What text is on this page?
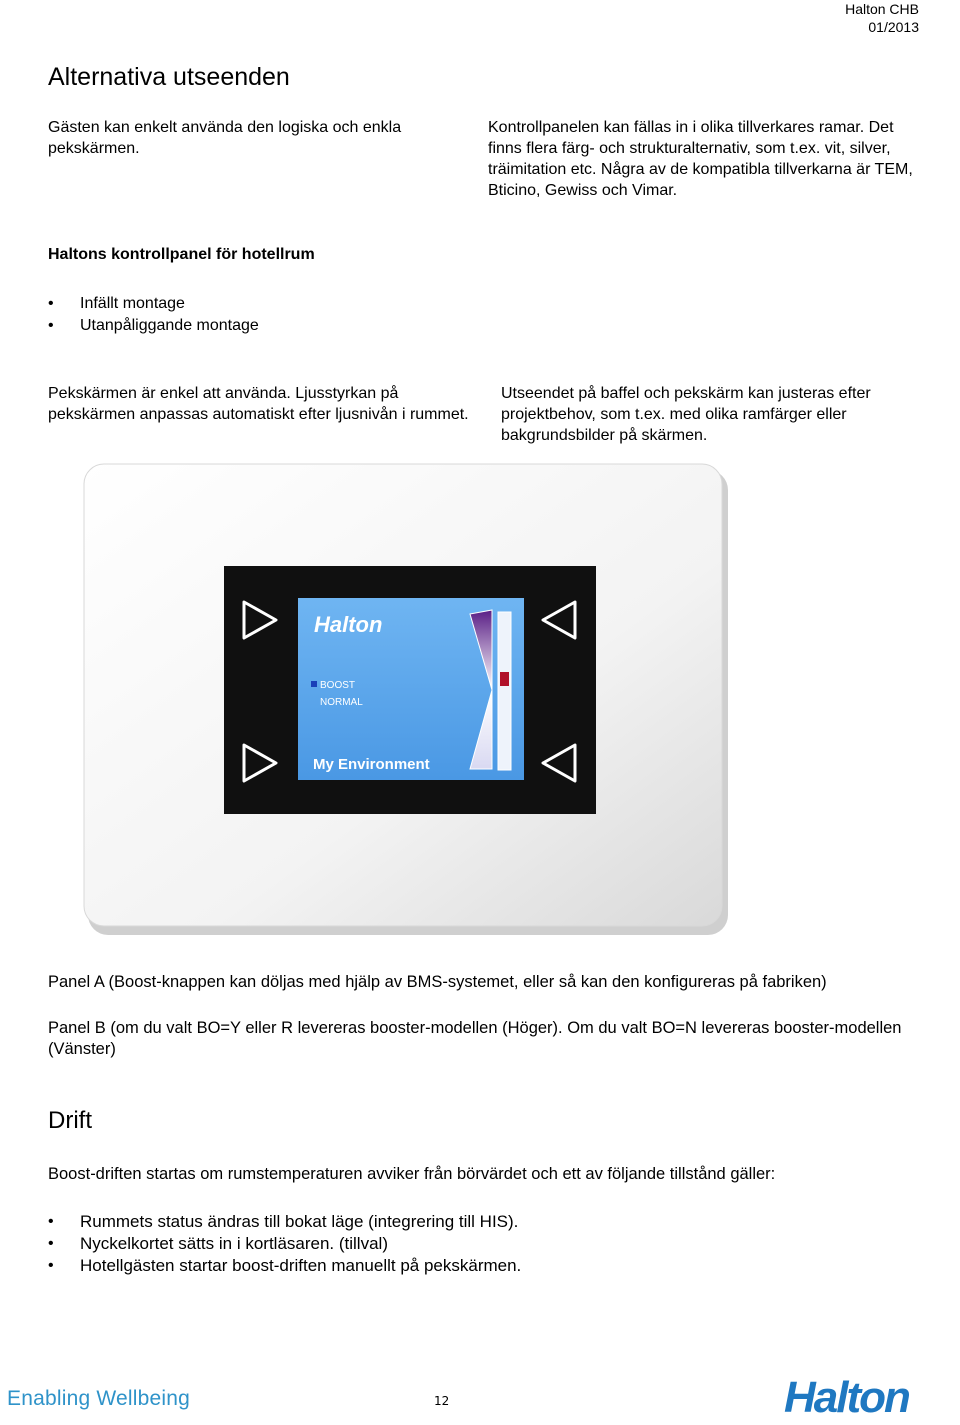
Halton CHB
01/2013
Alternativa utseenden
Gästen kan enkelt använda den logiska och enkla pekskärmen.
Kontrollpanelen kan fällas in i olika tillverkares ramar. Det finns flera färg- och strukturalternativ, som t.ex. vit, silver, träimitation etc. Några av de kompatibla tillverkarna är TEM, Bticino, Gewiss och Vimar.
Haltons kontrollpanel för hotellrum
• Infällt montage
• Utanpåliggande montage
Pekskärmen är enkel att använda. Ljusstyrkan på pekskärmen anpassas automatiskt efter ljusnivån i rummet.
Utseendet på baffel och pekskärm kan justeras efter projektbehov, som t.ex. med olika ramfärger eller bakgrundsbilder på skärmen.
Halton
BOOST
NORMAL
My Environment
Panel A (Boost-knappen kan döljas med hjälp av BMS-systemet, eller så kan den konfigureras på fabriken)
Panel B (om du valt BO=Y eller R levereras booster-modellen (Höger). Om du valt BO=N levereras booster-modellen (Vänster)
Drift
Boost-driften startas om rumstemperaturen avviker från börvärdet och ett av följande tillstånd gäller:
• Rummets status ändras till bokat läge (integrering till HIS).
• Nyckelkortet sätts in i kortläsaren. (tillval)
• Hotellgästen startar boost-driften manuellt på pekskärmen.
Enabling Wellbeing	12	Halton
